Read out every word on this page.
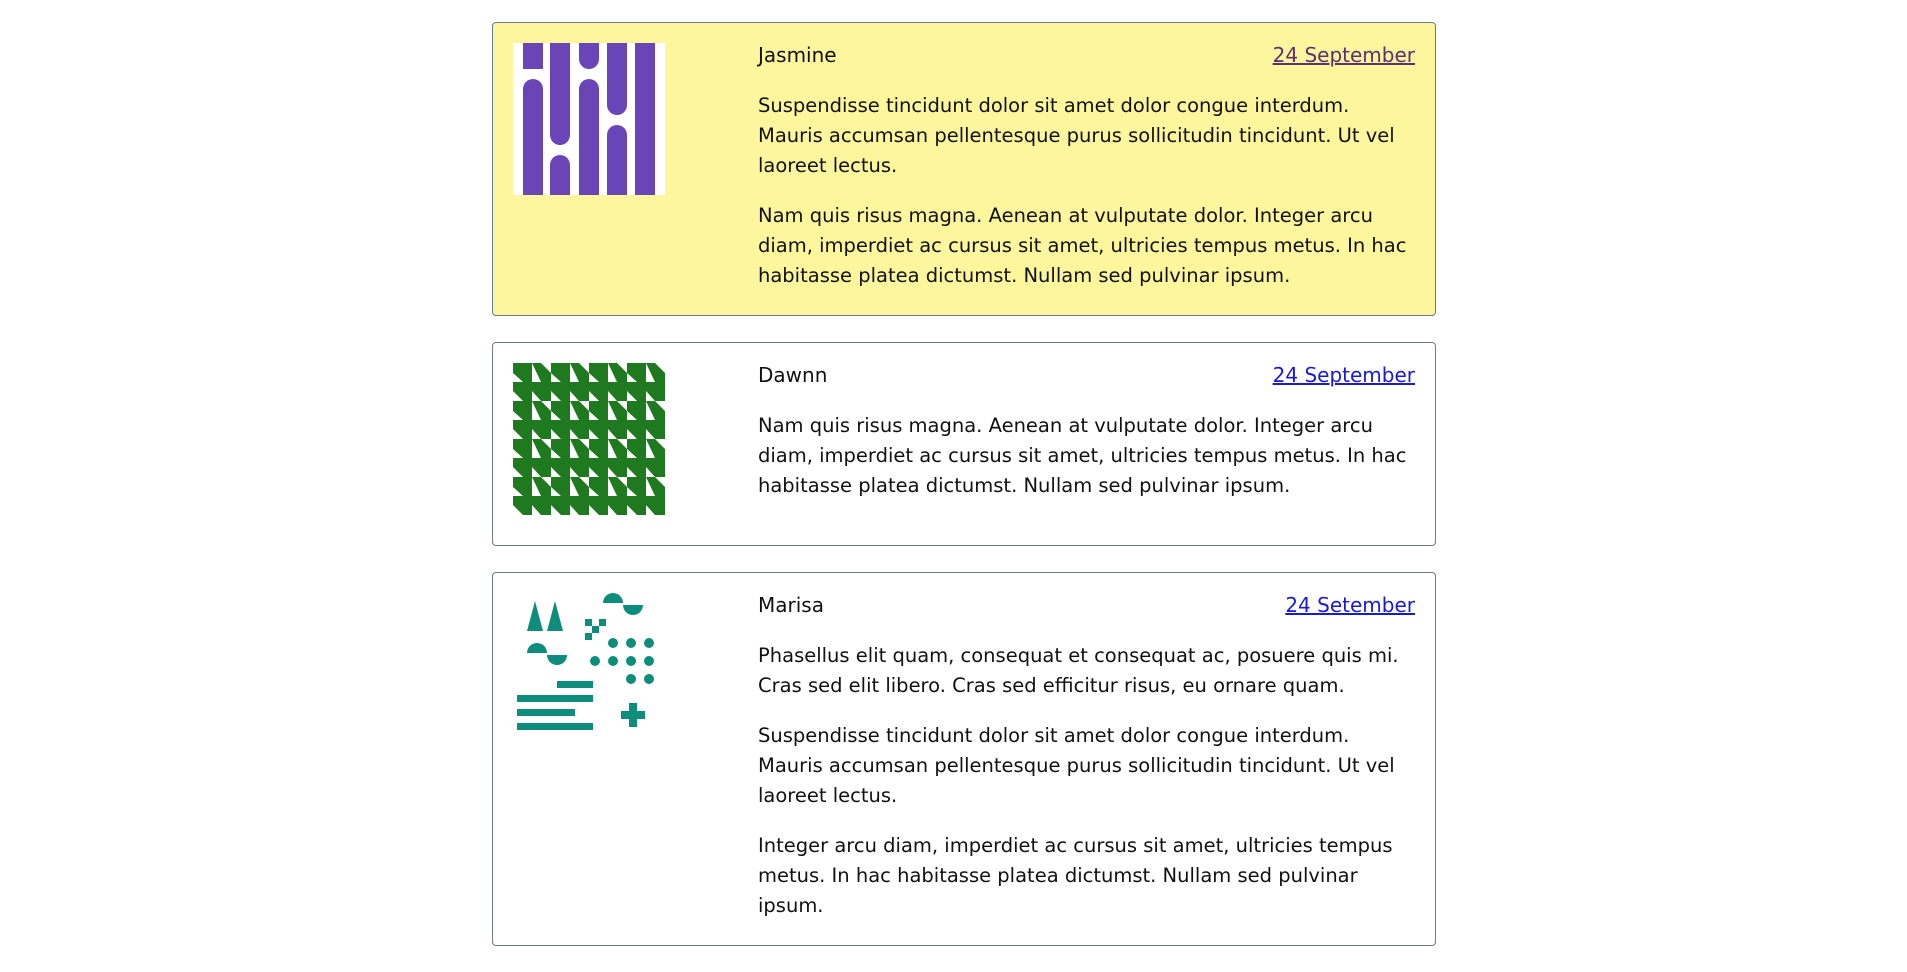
Jasmine	24 September

Suspendisse tincidunt dolor sit amet dolor congue interdum. Mauris accumsan pellentesque purus sollicitudin tincidunt. Ut vel laoreet lectus.

Nam quis risus magna. Aenean at vulputate dolor. Integer arcu diam, imperdiet ac cursus sit amet, ultricies tempus metus. In hac habitasse platea dictumst. Nullam sed pulvinar ipsum.

Dawnn	24 September

Nam quis risus magna. Aenean at vulputate dolor. Integer arcu diam, imperdiet ac cursus sit amet, ultricies tempus metus. In hac habitasse platea dictumst. Nullam sed pulvinar ipsum.

Marisa	24 Setember

Phasellus elit quam, consequat et consequat ac, posuere quis mi. Cras sed elit libero. Cras sed efficitur risus, eu ornare quam.

Suspendisse tincidunt dolor sit amet dolor congue interdum. Mauris accumsan pellentesque purus sollicitudin tincidunt. Ut vel laoreet lectus.

Integer arcu diam, imperdiet ac cursus sit amet, ultricies tempus metus. In hac habitasse platea dictumst. Nullam sed pulvinar ipsum.
